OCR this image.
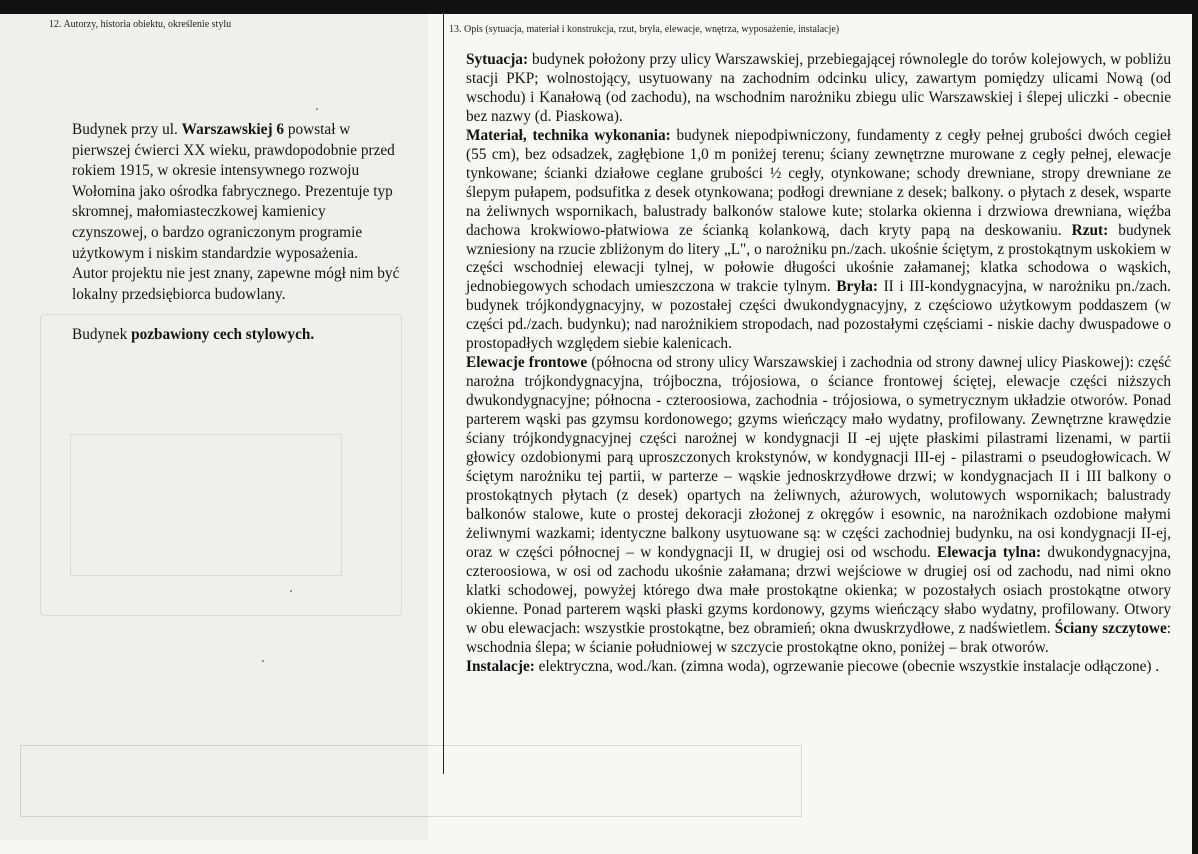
12. Autorzy, historia obiektu, określenie stylu	13. Opis (sytuacja, materiał i konstrukcja, rzut, bryła, elewacje, wnętrza, wyposażenie, instalacje)

Budynek przy ul. Warszawskiej 6 powstał w pierwszej ćwierci XX wieku, prawdopodobnie przed rokiem 1915, w okresie intensywnego rozwoju Wołomina jako ośrodka fabrycznego. Prezentuje typ skromnej, małomiasteczkowej kamienicy czynszowej, o bardzo ograniczonym programie użytkowym i niskim standardzie wyposażenia.

Autor projektu nie jest znany, zapewne mógł nim być lokalny przedsiębiorca budowlany.

Budynek pozbawiony cech stylowych.

Sytuacja: budynek położony przy ulicy Warszawskiej, przebiegającej równolegle do torów kolejowych, w pobliżu stacji PKP; wolnostojący, usytuowany na zachodnim odcinku ulicy, zawartym pomiędzy ulicami Nową (od wschodu) i Kanałową (od zachodu), na wschodnim narożniku zbiegu ulic Warszawskiej i ślepej uliczki - obecnie bez nazwy (d. Piaskowa).

Materiał, technika wykonania: budynek niepodpiwniczony, fundamenty z cegły pełnej grubości dwóch cegieł (55 cm), bez odsadzek, zagłębione 1,0 m poniżej terenu; ściany zewnętrzne murowane z cegły pełnej, elewacje tynkowane; ścianki działowe ceglane grubości ½ cegły, otynkowane; schody drewniane, stropy drewniane ze ślepym pułapem, podsufitka z desek otynkowana; podłogi drewniane z desek; balkony. o płytach z desek, wsparte na żeliwnych wspornikach, balustrady balkonów stalowe kute; stolarka okienna i drzwiowa drewniana, więźba dachowa krokwiowo-płatwiowa ze ścianką kolankową, dach kryty papą na deskowaniu. Rzut: budynek wzniesiony na rzucie zbliżonym do litery „L", o narożniku pn./zach. ukośnie ściętym, z prostokątnym uskokiem w części wschodniej elewacji tylnej, w połowie długości ukośnie załamanej; klatka schodowa o wąskich, jednobiegowych schodach umieszczona w trakcie tylnym. Bryła: II i III-kondygnacyjna, w narożniku pn./zach. budynek trójkondygnacyjny, w pozostałej części dwukondygnacyjny, z częściowo użytkowym poddaszem (w części pd./zach. budynku); nad narożnikiem stropodach, nad pozostałymi częściami - niskie dachy dwuspadowe o prostopadłych względem siebie kalenicach.

Elewacje frontowe (północna od strony ulicy Warszawskiej i zachodnia od strony dawnej ulicy Piaskowej): część narożna trójkondygnacyjna, trójboczna, trójosiowa, o ściance frontowej ściętej, elewacje części niższych dwukondygnacyjne; północna - czteroosiowa, zachodnia - trójosiowa, o symetrycznym układzie otworów. Ponad parterem wąski pas gzymsu kordonowego; gzyms wieńczący mało wydatny, profilowany. Zewnętrzne krawędzie ściany trójkondygnacyjnej części narożnej w kondygnacji II -ej ujęte płaskimi pilastrami lizenami, w partii głowicy ozdobionymi parą uproszczonych krokstynów, w kondygnacji III-ej - pilastrami o pseudogłowicach. W ściętym narożniku tej partii, w parterze – wąskie jednoskrzydłowe drzwi; w kondygnacjach II i III balkony o prostokątnych płytach (z desek) opartych na żeliwnych, ażurowych, wolutowych wspornikach; balustrady balkonów stalowe, kute o prostej dekoracji złożonej z okręgów i esownic, na narożnikach ozdobione małymi żeliwnymi wazkami; identyczne balkony usytuowane są: w części zachodniej budynku, na osi kondygnacji II-ej, oraz w części północnej – w kondygnacji II, w drugiej osi od wschodu. Elewacja tylna: dwukondygnacyjna, czteroosiowa, w osi od zachodu ukośnie załamana; drzwi wejściowe w drugiej osi od zachodu, nad nimi okno klatki schodowej, powyżej którego dwa małe prostokątne okienka; w pozostałych osiach prostokątne otwory okienne. Ponad parterem wąski płaski gzyms kordonowy, gzyms wieńczący słabo wydatny, profilowany. Otwory w obu elewacjach: wszystkie prostokątne, bez obramień; okna dwuskrzydłowe, z nadświetlem. Ściany szczytowe: wschodnia ślepa; w ścianie południowej w szczycie prostokątne okno, poniżej – brak otworów.

Instalacje: elektryczna, wod./kan. (zimna woda), ogrzewanie piecowe (obecnie wszystkie instalacje odłączone) .
